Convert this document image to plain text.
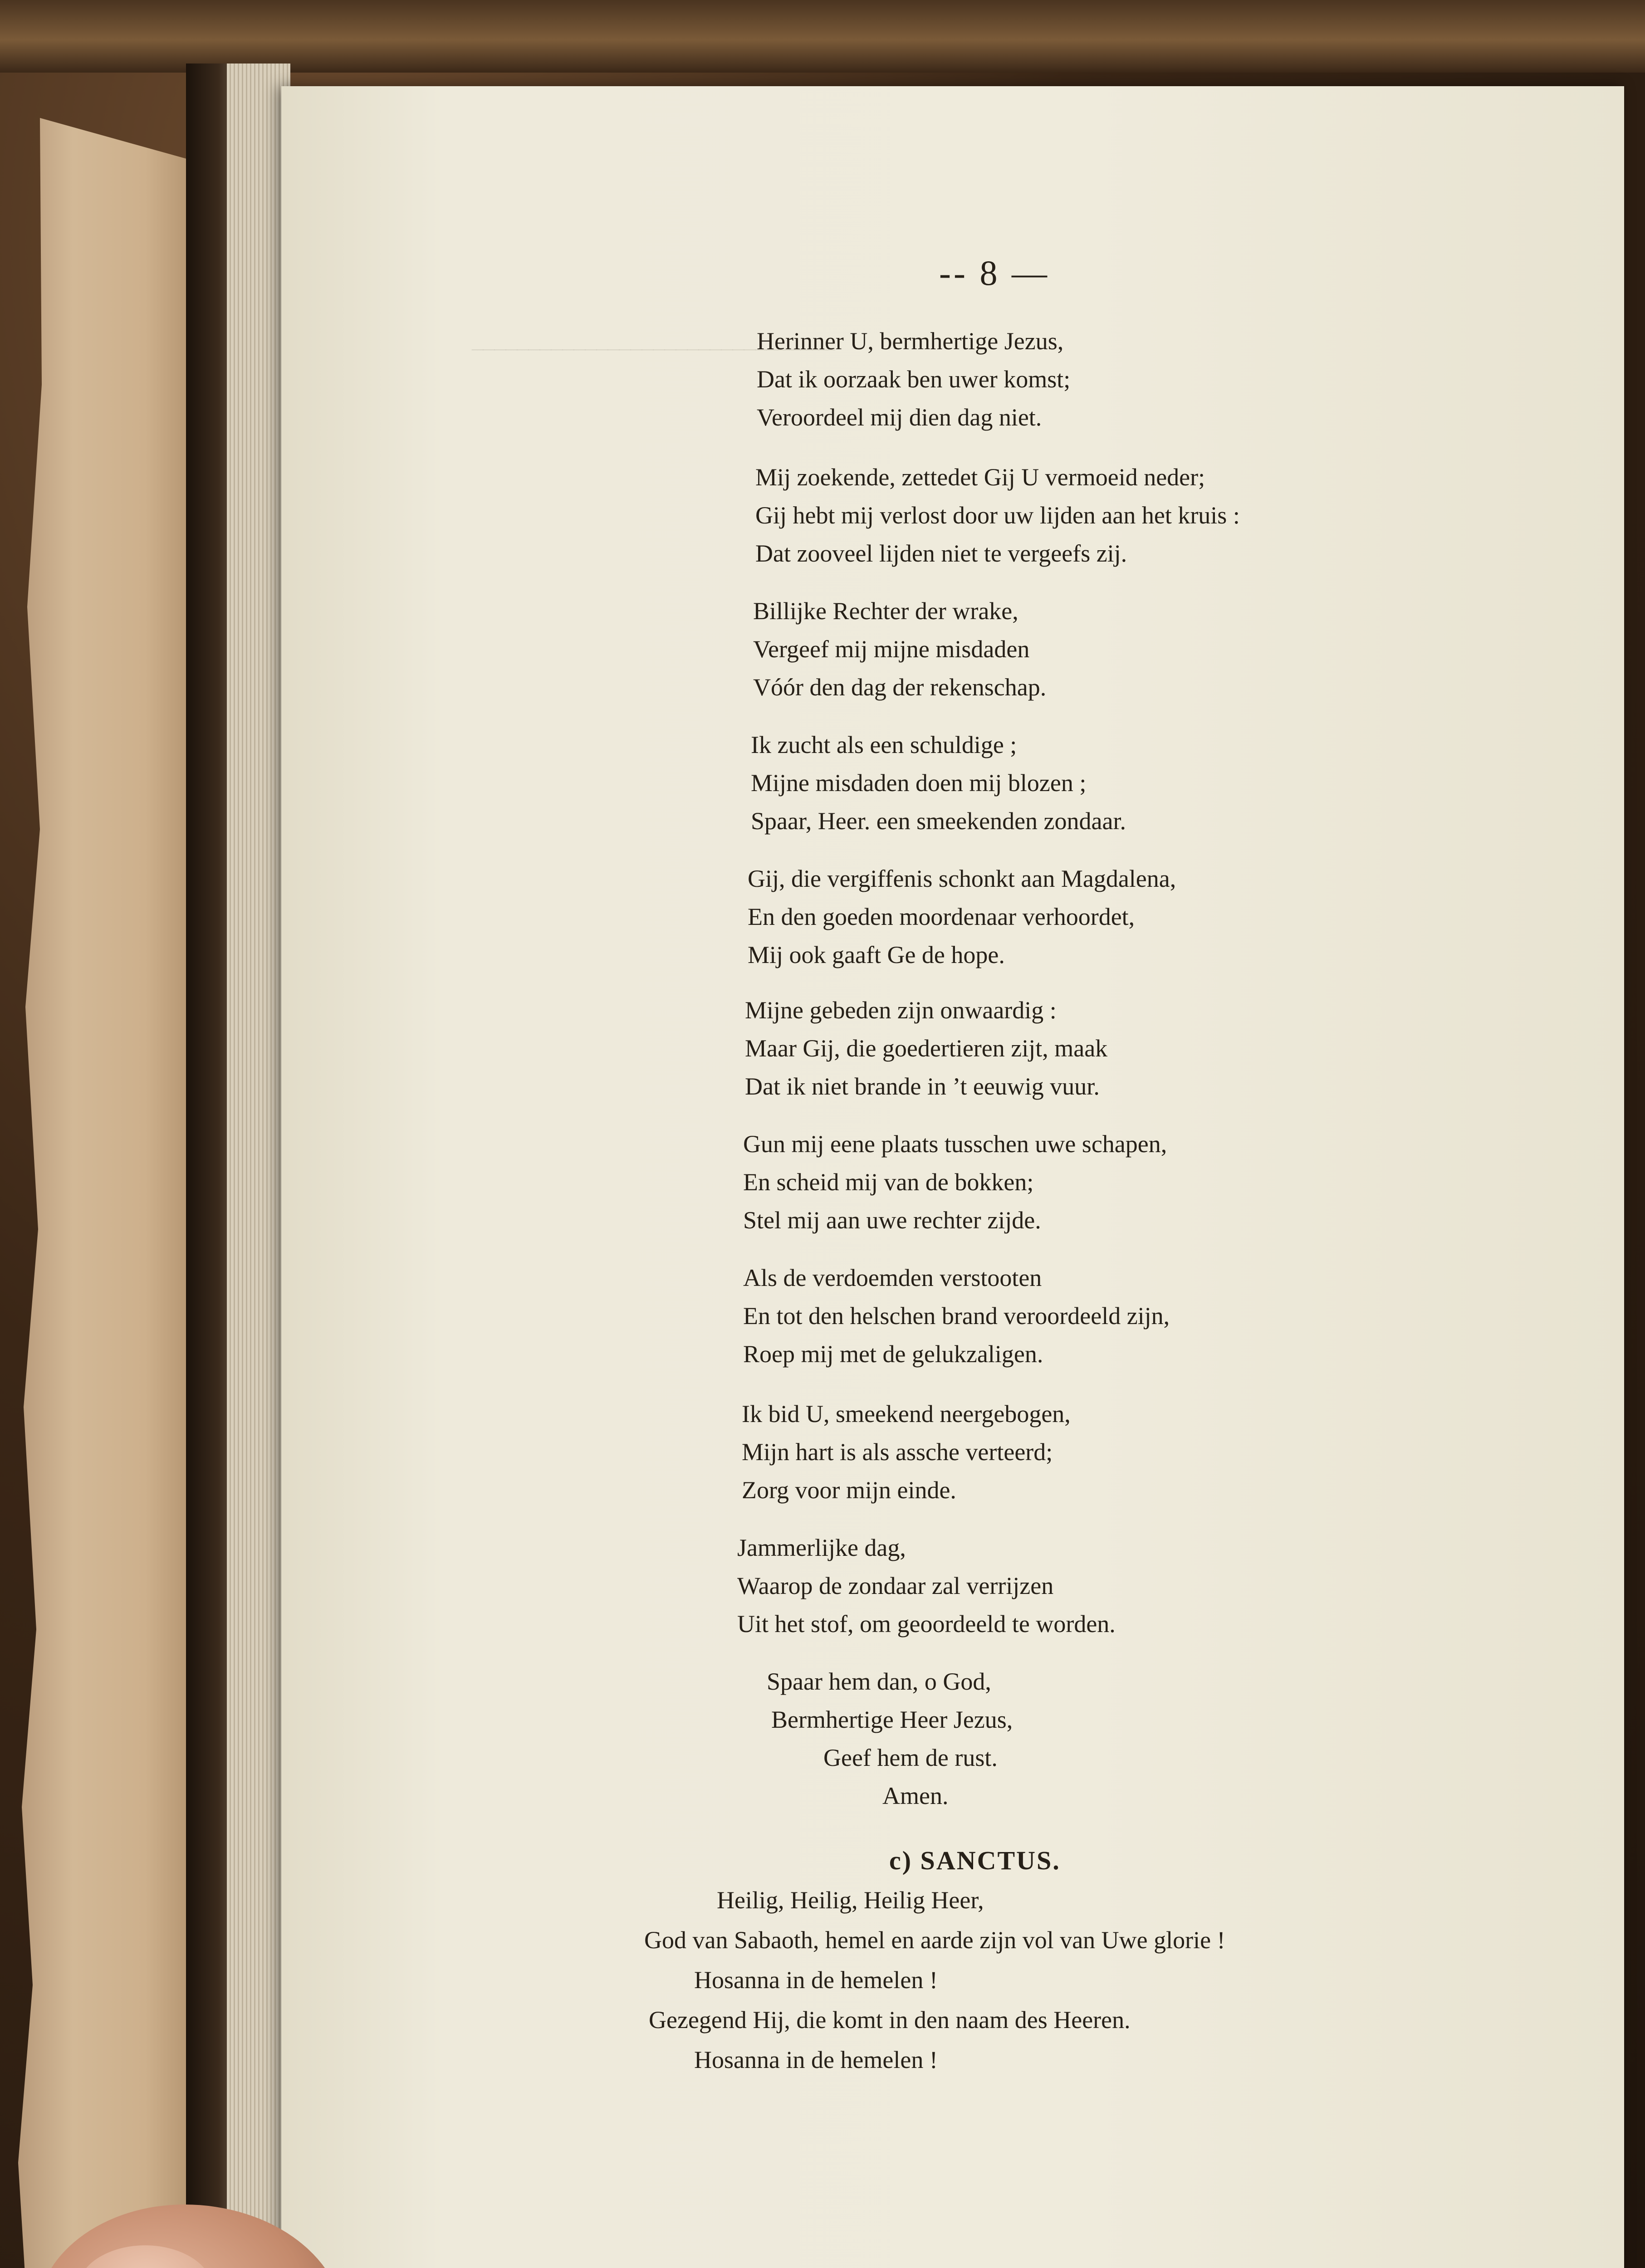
________________________________
-- 8 —
Herinner U, bermhertige Jezus,
Dat ik oorzaak ben uwer komst;
Veroordeel mij dien dag niet.
Mij zoekende, zettedet Gij U vermoeid neder;
Gij hebt mij verlost door uw lijden aan het kruis :
Dat zooveel lijden niet te vergeefs zij.
Billijke Rechter der wrake,
Vergeef mij mijne misdaden
Vóór den dag der rekenschap.
Ik zucht als een schuldige ;
Mijne misdaden doen mij blozen ;
Spaar, Heer. een smeekenden zondaar.
Gij, die vergiffenis schonkt aan Magdalena,
En den goeden moordenaar verhoordet,
Mij ook gaaft Ge de hope.
Mijne gebeden zijn onwaardig :
Maar Gij, die goedertieren zijt, maak
Dat ik niet brande in ’t eeuwig vuur.
Gun mij eene plaats tusschen uwe schapen,
En scheid mij van de bokken;
Stel mij aan uwe rechter zijde.
Als de verdoemden verstooten
En tot den helschen brand veroordeeld zijn,
Roep mij met de gelukzaligen.
Ik bid U, smeekend neergebogen,
Mijn hart is als assche verteerd;
Zorg voor mijn einde.
Jammerlijke dag,
Waarop de zondaar zal verrijzen
Uit het stof, om geoordeeld te worden.
Spaar hem dan, o God,
Bermhertige Heer Jezus,
Geef hem de rust.
Amen.
c) SANCTUS.
Heilig, Heilig, Heilig Heer,
God van Sabaoth, hemel en aarde zijn vol van Uwe glorie !
Hosanna in de hemelen !
Gezegend Hij, die komt in den naam des Heeren.
Hosanna in de hemelen !
